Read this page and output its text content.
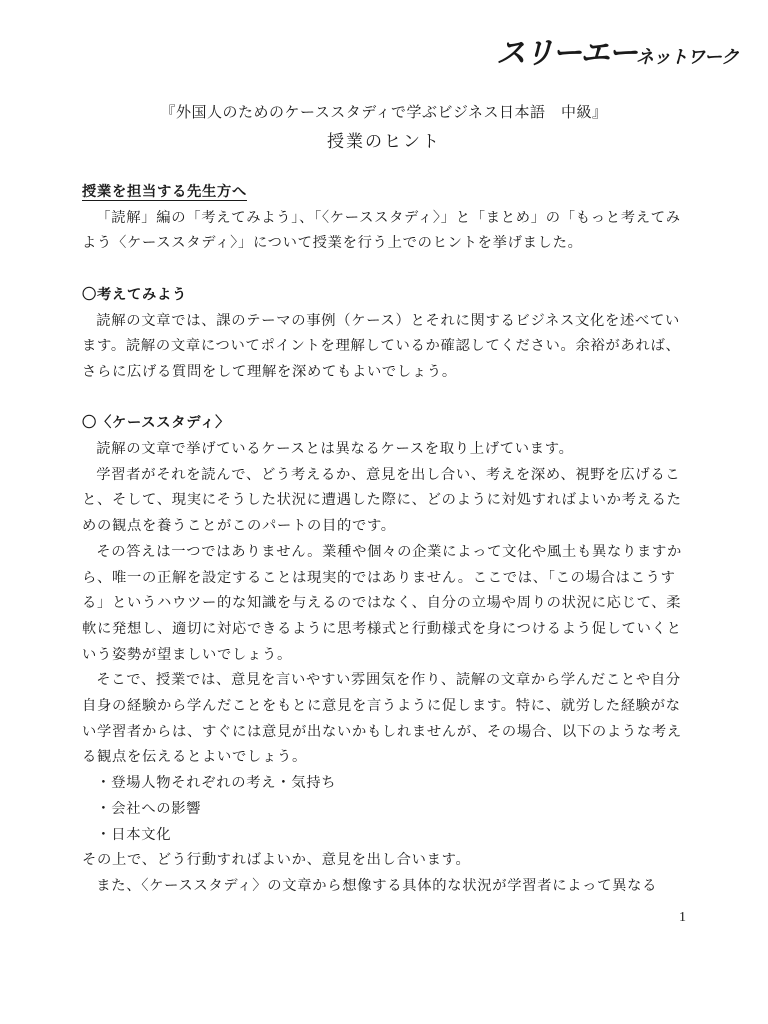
スリーエーネットワーク
『外国人のためのケーススタディで学ぶビジネス日本語　中級』
授業のヒント

授業を担当する先生方へ

「読解」編の「考えてみよう」、「〈ケーススタディ〉」と「まとめ」の「もっと考えてみよう〈ケーススタディ〉」について授業を行う上でのヒントを挙げました。

〇考えてみよう

読解の文章では、課のテーマの事例（ケース）とそれに関するビジネス文化を述べています。読解の文章についてポイントを理解しているか確認してください。余裕があれば、さらに広げる質問をして理解を深めてもよいでしょう。

〇〈ケーススタディ〉

読解の文章で挙げているケースとは異なるケースを取り上げています。

学習者がそれを読んで、どう考えるか、意見を出し合い、考えを深め、視野を広げること、そして、現実にそうした状況に遭遇した際に、どのように対処すればよいか考えるための観点を養うことがこのパートの目的です。

その答えは一つではありません。業種や個々の企業によって文化や風土も異なりますから、唯一の正解を設定することは現実的ではありません。ここでは、「この場合はこうする」というハウツー的な知識を与えるのではなく、自分の立場や周りの状況に応じて、柔軟に発想し、適切に対応できるように思考様式と行動様式を身につけるよう促していくという姿勢が望ましいでしょう。

そこで、授業では、意見を言いやすい雰囲気を作り、読解の文章から学んだことや自分自身の経験から学んだことをもとに意見を言うように促します。特に、就労した経験がない学習者からは、すぐには意見が出ないかもしれませんが、その場合、以下のような考える観点を伝えるとよいでしょう。

・登場人物それぞれの考え・気持ち

・会社への影響

・日本文化

その上で、どう行動すればよいか、意見を出し合います。

また、〈ケーススタディ〉の文章から想像する具体的な状況が学習者によって異なる

1
